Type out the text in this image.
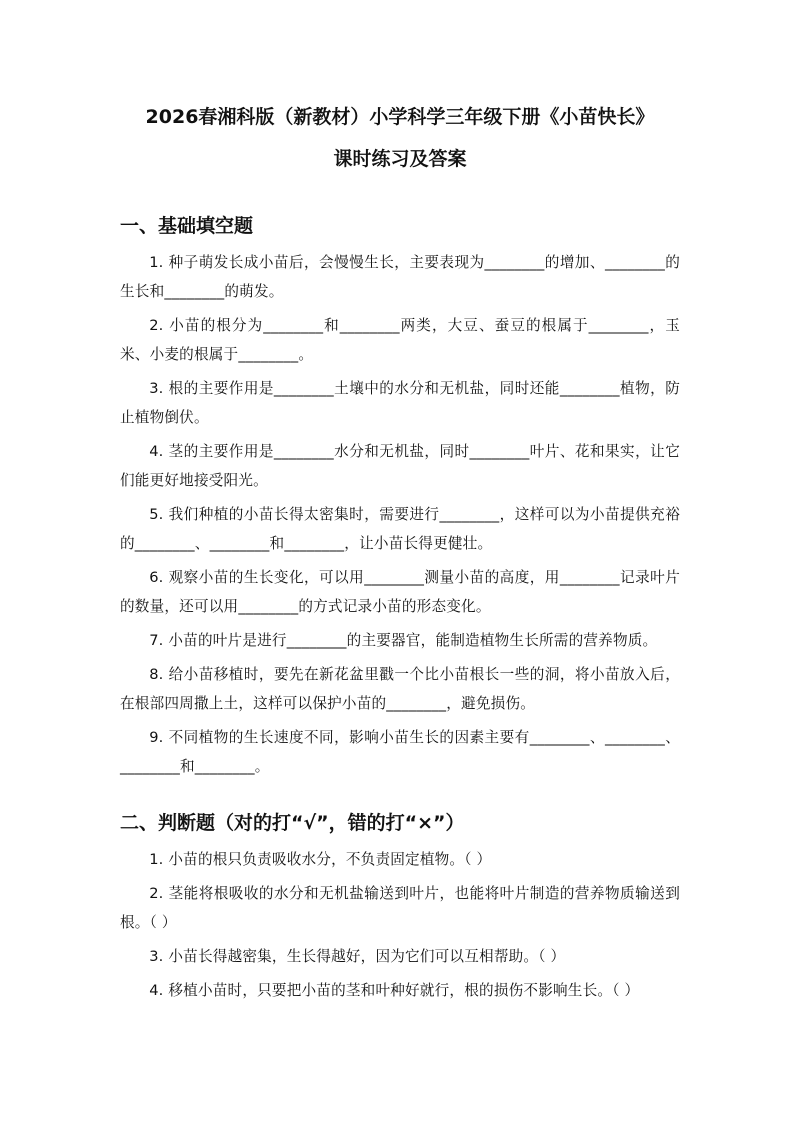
2026春湘科版（新教材）小学科学三年级下册《小苗快长》
课时练习及答案
一、基础填空题

1. 种子萌发长成小苗后，会慢慢生长，主要表现为________的增加、________的生长和________的萌发。

2. 小苗的根分为________和________两类，大豆、蚕豆的根属于________，玉米、小麦的根属于________。

3. 根的主要作用是________土壤中的水分和无机盐，同时还能________植物，防止植物倒伏。

4. 茎的主要作用是________水分和无机盐，同时________叶片、花和果实，让它们能更好地接受阳光。

5. 我们种植的小苗长得太密集时，需要进行________，这样可以为小苗提供充裕的________、________和________，让小苗长得更健壮。

6. 观察小苗的生长变化，可以用________测量小苗的高度，用________记录叶片的数量，还可以用________的方式记录小苗的形态变化。

7. 小苗的叶片是进行________的主要器官，能制造植物生长所需的营养物质。

8. 给小苗移植时，要先在新花盆里戳一个比小苗根长一些的洞，将小苗放入后，在根部四周撒上土，这样可以保护小苗的________，避免损伤。

9. 不同植物的生长速度不同，影响小苗生长的因素主要有________、________、________和________。

二、判断题（对的打“√”，错的打“×”）

1. 小苗的根只负责吸收水分，不负责固定植物。（ ）

2. 茎能将根吸收的水分和无机盐输送到叶片，也能将叶片制造的营养物质输送到根。（ ）

3. 小苗长得越密集，生长得越好，因为它们可以互相帮助。（ ）

4. 移植小苗时，只要把小苗的茎和叶种好就行，根的损伤不影响生长。（ ）
